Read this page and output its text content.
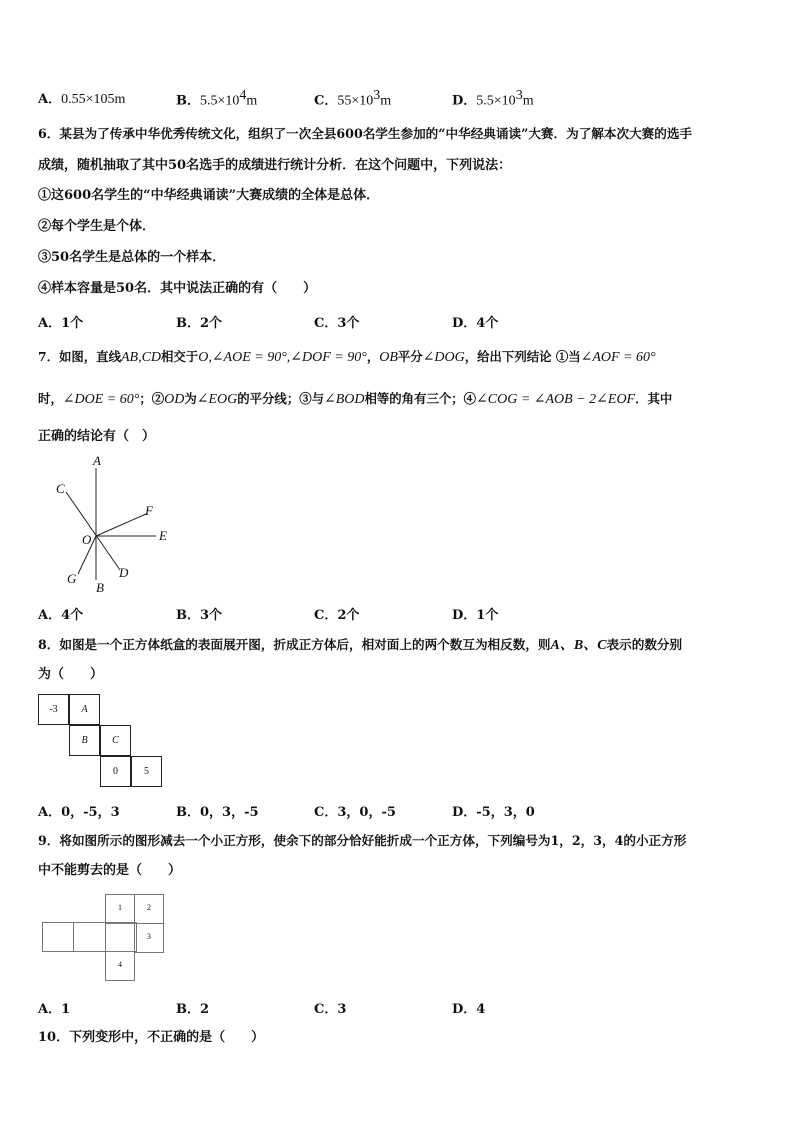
A．0.55×105m	B．$5.5\times 10^4m$	C．$55\times 10^3m$	D．$5.5\times 10^3m$
6．某县为了传承中华优秀传统文化，组织了一次全县600名学生参加的“中华经典诵读”大赛．为了解本次大赛的选手
成绩，随机抽取了其中50名选手的成绩进行统计分析．在这个问题中，下列说法：
①这600名学生的“中华经典诵读”大赛成绩的全体是总体．
②每个学生是个体．
③50名学生是总体的一个样本．
④样本容量是50名．其中说法正确的有（　　）
A．1个	B．2个	C．3个	D．4个
7．如图，直线AB,CD相交于O,∠AOE = 90°,∠DOF = 90°，OB平分∠DOG，给出下列结论 ①当∠AOF = 60°
时，∠DOE = 60°；②OD为∠EOG的平分线；③与∠BOD相等的角有三个；④∠COG = ∠AOB − 2∠EOF．其中
正确的结论有（　）
A
C
F
E
O
G	D
B
A．4个	B．3个	C．2个	D．1个
8．如图是一个正方体纸盒的表面展开图，折成正方体后，相对面上的两个数互为相反数，则A、B、C表示的数分别
为（　　）
-3	A
B	C
0	5
A．0，-5，3	B．0，3，-5	C．3，0，-5	D．-5，3，0
9．将如图所示的图形减去一个小正方形，使余下的部分恰好能折成一个正方体，下列编号为1，2，3，4的小正方形
中不能剪去的是（　　）
1	2
3
4
A．1	B．2	C．3	D．4
10．下列变形中，不正确的是（　　）
